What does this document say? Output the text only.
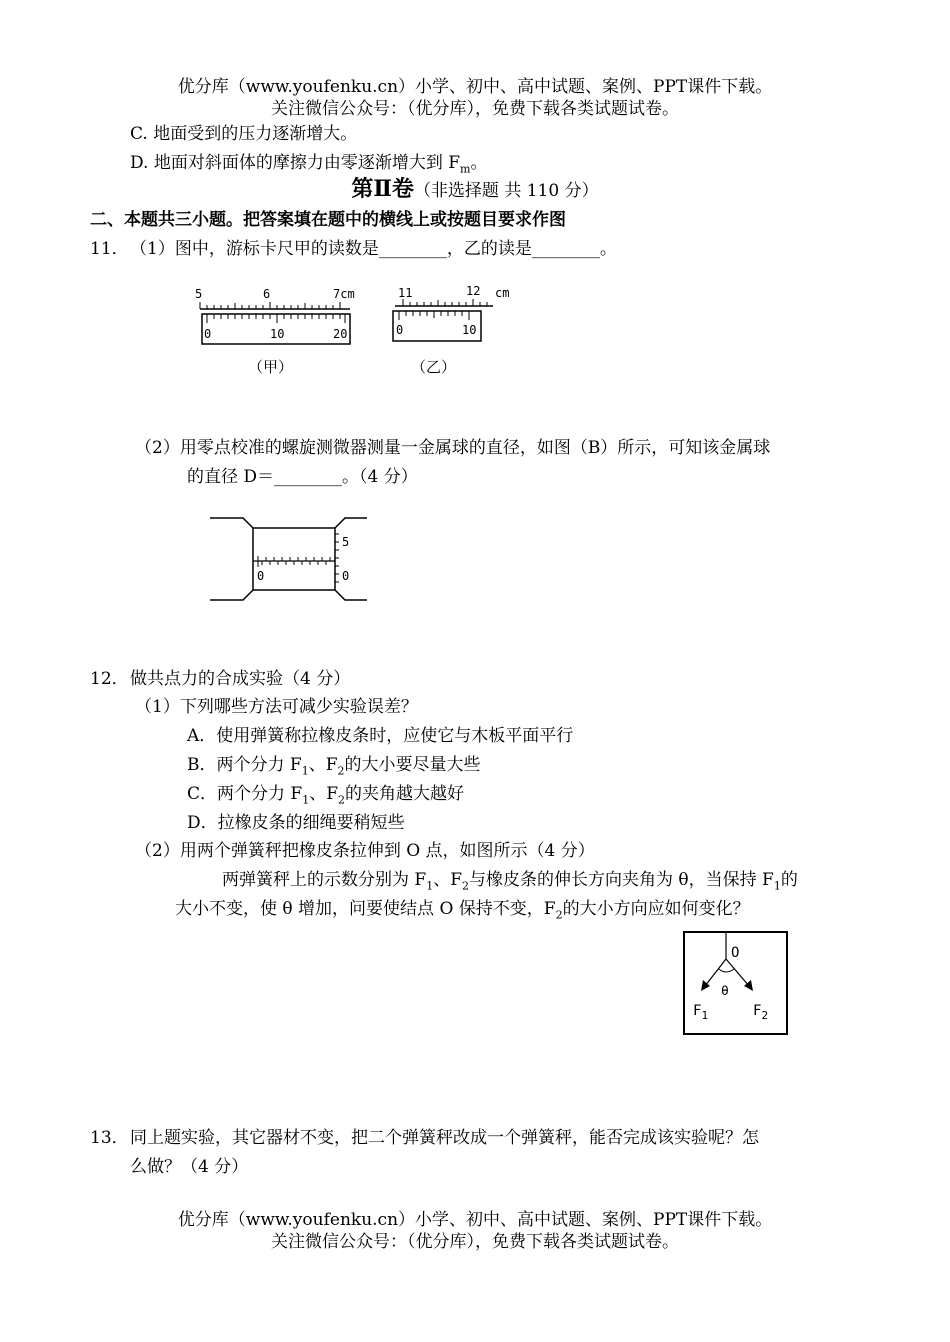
优分库（www.youfenku.cn）小学、初中、高中试题、案例、PPT课件下载。
关注微信公众号：（优分库），免费下载各类试题试卷。
C. 地面受到的压力逐渐增大。
D. 地面对斜面体的摩擦力由零逐渐增大到 $F_m$。
第Ⅱ卷（非选择题 共 110 分）
二、本题共三小题。把答案填在题中的横线上或按题目要求作图
11． （1）图中，游标卡尺甲的读数是________，乙的读是________。
5	6	7cm
0	10	20
（甲）
11	12 cm
0	10
（乙）
（2）用零点校准的螺旋测微器测量一金属球的直径，如图（B）所示，可知该金属球
的直径 D＝________。（4 分）
0
5
0
12． 做共点力的合成实验（4 分）
（1）下列哪些方法可减少实验误差？
A．使用弹簧称拉橡皮条时，应使它与木板平面平行
B．两个分力 $F_1$、$F_2$的大小要尽量大些
C．两个分力 $F_1$、$F_2$的夹角越大越好
D．拉橡皮条的细绳要稍短些
（2）用两个弹簧秤把橡皮条拉伸到 O 点，如图所示（4 分）
两弹簧秤上的示数分别为 $F_1$、$F_2$与橡皮条的伸长方向夹角为 θ，当保持 $F_1$的
大小不变，使 θ 增加，问要使结点 O 保持不变，$F_2$的大小方向应如何变化？
O
θ
$F_1$	$F_2$
13． 同上题实验，其它器材不变，把二个弹簧秤改成一个弹簧秤，能否完成该实验呢？怎
么做？（4 分）
优分库（www.youfenku.cn）小学、初中、高中试题、案例、PPT课件下载。
关注微信公众号：（优分库），免费下载各类试题试卷。
